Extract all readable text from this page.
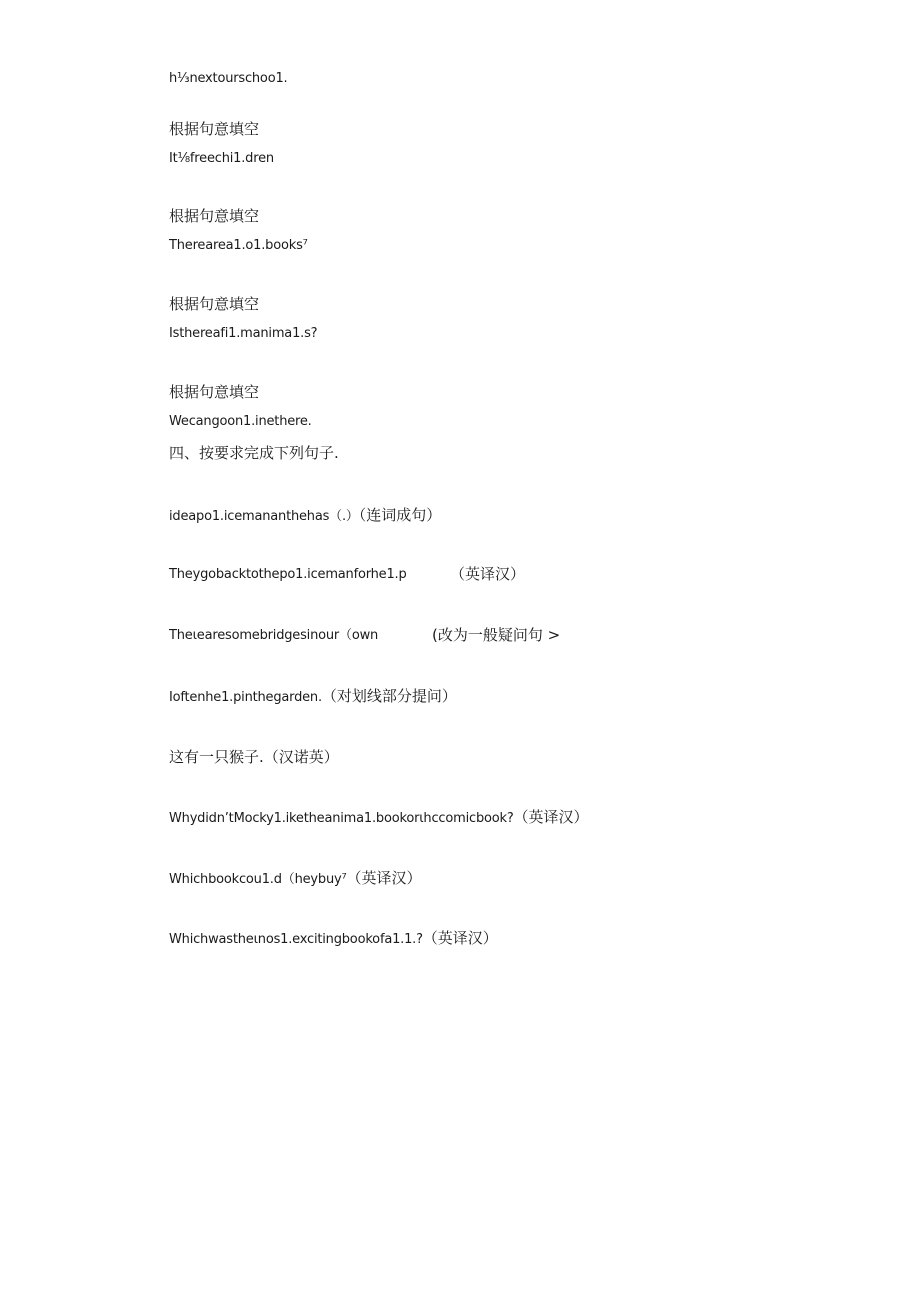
h⅓nextourschoo1.
根据句意填空
It⅛freechi1.dren
根据句意填空
Therearea1.o1.books⁷
根据句意填空
Isthereafi1.manima1.s?
根据句意填空
Wecangoon1.inethere.
四、按要求完成下列句子.
ideapo1.icemananthehas（.）（连词成句）
Theygobacktothepo1.icemanforhe1.p	（英译汉）
Theιearesomebridgesinour（own	(改为一般疑问句 >
Ioftenhe1.pinthegarden.（对划线部分提问）
这有一只猴子.（汉诺英）
Whydidn’tMocky1.iketheanima1.bookorιhccomicbook?（英译汉）
Whichbookcou1.d（heybuy⁷（英译汉）
Whichwastheιnos1.excitingbookofa1.1.?（英译汉）
